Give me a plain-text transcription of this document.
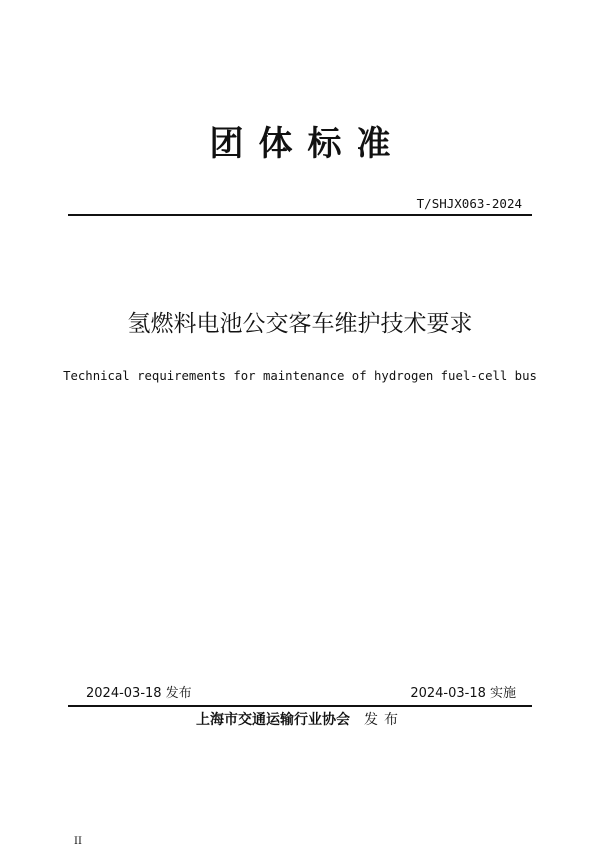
团体标准
T/SHJX063-2024
氢燃料电池公交客车维护技术要求
Technical requirements for maintenance of hydrogen fuel-cell bus
2024-03-18 发布	2024-03-18 实施
上海市交通运输行业协会 发布
II
